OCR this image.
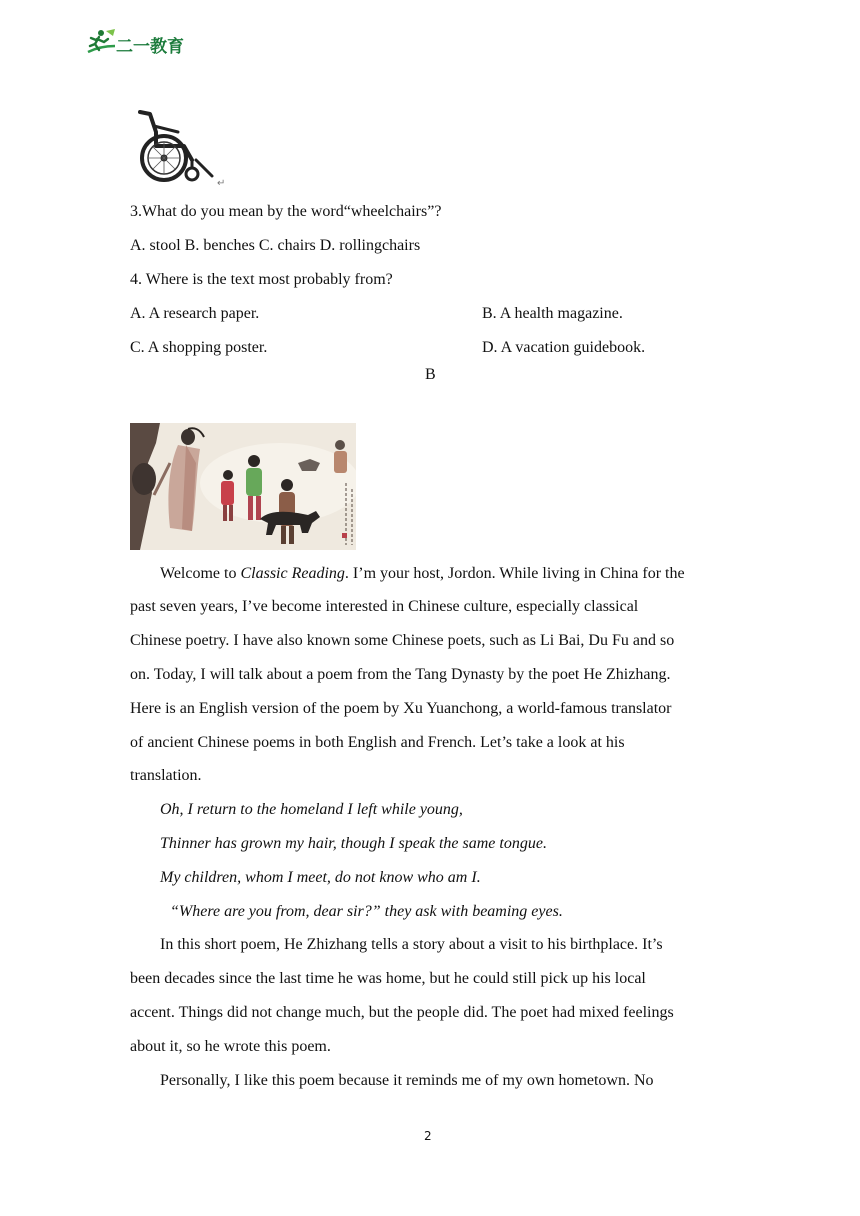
二一教育
↵
3.What do you mean by the word“wheelchairs”?
A. stool B. benches C. chairs D. rollingchairs
4. Where is the text most probably from?
A. A research paper.	B. A health magazine.
C. A shopping poster.	D. A vacation guidebook.
B
Welcome to Classic Reading. I’m your host, Jordon. While living in China for the
past seven years, I’ve become interested in Chinese culture, especially classical
Chinese poetry. I have also known some Chinese poets, such as Li Bai, Du Fu and so
on. Today, I will talk about a poem from the Tang Dynasty by the poet He Zhizhang.
Here is an English version of the poem by Xu Yuanchong, a world-famous translator
of ancient Chinese poems in both English and French. Let’s take a look at his
translation.
Oh, I return to the homeland I left while young,
Thinner has grown my hair, though I speak the same tongue.
My children, whom I meet, do not know who am I.
“Where are you from, dear sir?” they ask with beaming eyes.
In this short poem, He Zhizhang tells a story about a visit to his birthplace. It’s
been decades since the last time he was home, but he could still pick up his local
accent. Things did not change much, but the people did. The poet had mixed feelings
about it, so he wrote this poem.
Personally, I like this poem because it reminds me of my own hometown. No
2
